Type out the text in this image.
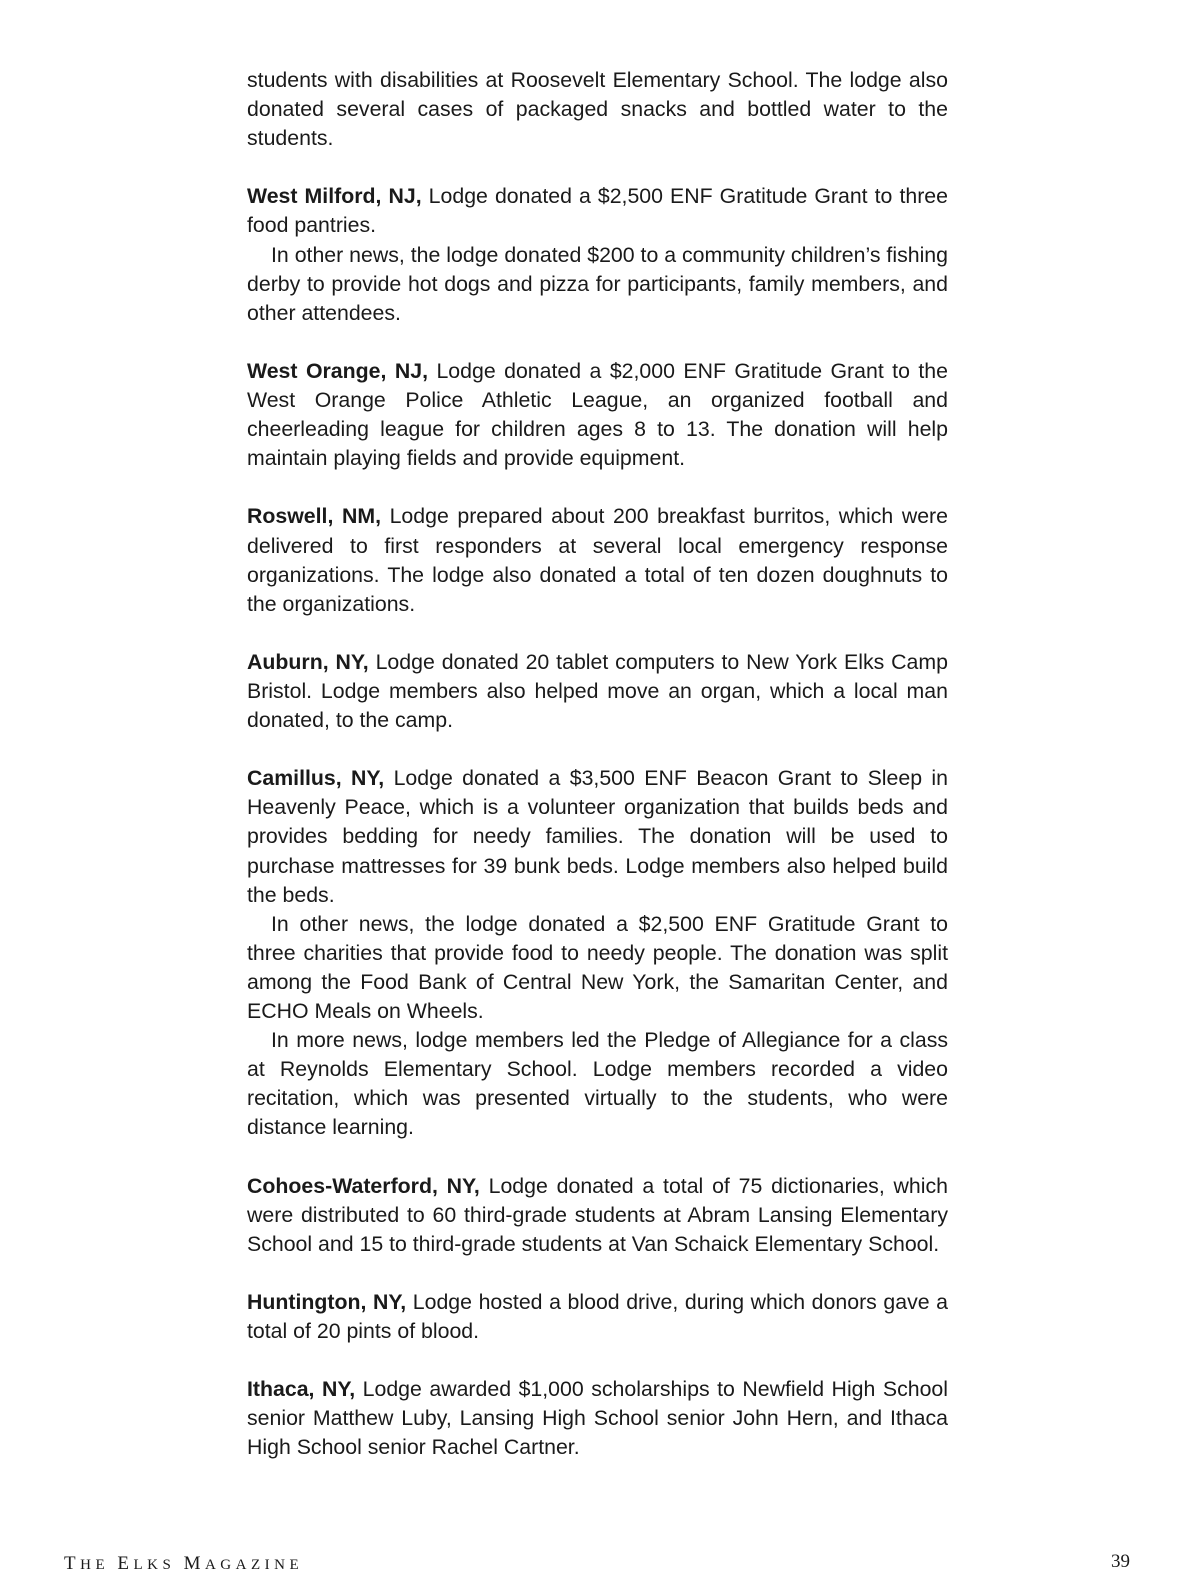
students with disabilities at Roosevelt Elementary School. The lodge also donated several cases of packaged snacks and bottled water to the students.

West Milford, NJ, Lodge donated a $2,500 ENF Gratitude Grant to three food pantries.

In other news, the lodge donated $200 to a community children’s fishing derby to provide hot dogs and pizza for participants, family members, and other attendees.

West Orange, NJ, Lodge donated a $2,000 ENF Gratitude Grant to the West Orange Police Athletic League, an organized football and cheerleading league for children ages 8 to 13. The donation will help maintain playing fields and provide equipment.

Roswell, NM, Lodge prepared about 200 breakfast burritos, which were delivered to first responders at several local emergency response organizations. The lodge also donated a total of ten dozen doughnuts to the organizations.

Auburn, NY, Lodge donated 20 tablet computers to New York Elks Camp Bristol. Lodge members also helped move an organ, which a local man donated, to the camp.

Camillus, NY, Lodge donated a $3,500 ENF Beacon Grant to Sleep in Heavenly Peace, which is a volunteer organization that builds beds and provides bedding for needy families. The donation will be used to purchase mattresses for 39 bunk beds. Lodge members also helped build the beds.

In other news, the lodge donated a $2,500 ENF Gratitude Grant to three charities that provide food to needy people. The donation was split among the Food Bank of Central New York, the Samaritan Center, and ECHO Meals on Wheels.

In more news, lodge members led the Pledge of Allegiance for a class at Reynolds Elementary School. Lodge members recorded a video recitation, which was presented virtually to the students, who were distance learning.

Cohoes-Waterford, NY, Lodge donated a total of 75 dictionaries, which were distributed to 60 third-grade students at Abram Lansing Elementary School and 15 to third-grade students at Van Schaick Elementary School.

Huntington, NY, Lodge hosted a blood drive, during which donors gave a total of 20 pints of blood.

Ithaca, NY, Lodge awarded $1,000 scholarships to Newfield High School senior Matthew Luby, Lansing High School senior John Hern, and Ithaca High School senior Rachel Cartner.

THE ELKS MAGAZINE	39
